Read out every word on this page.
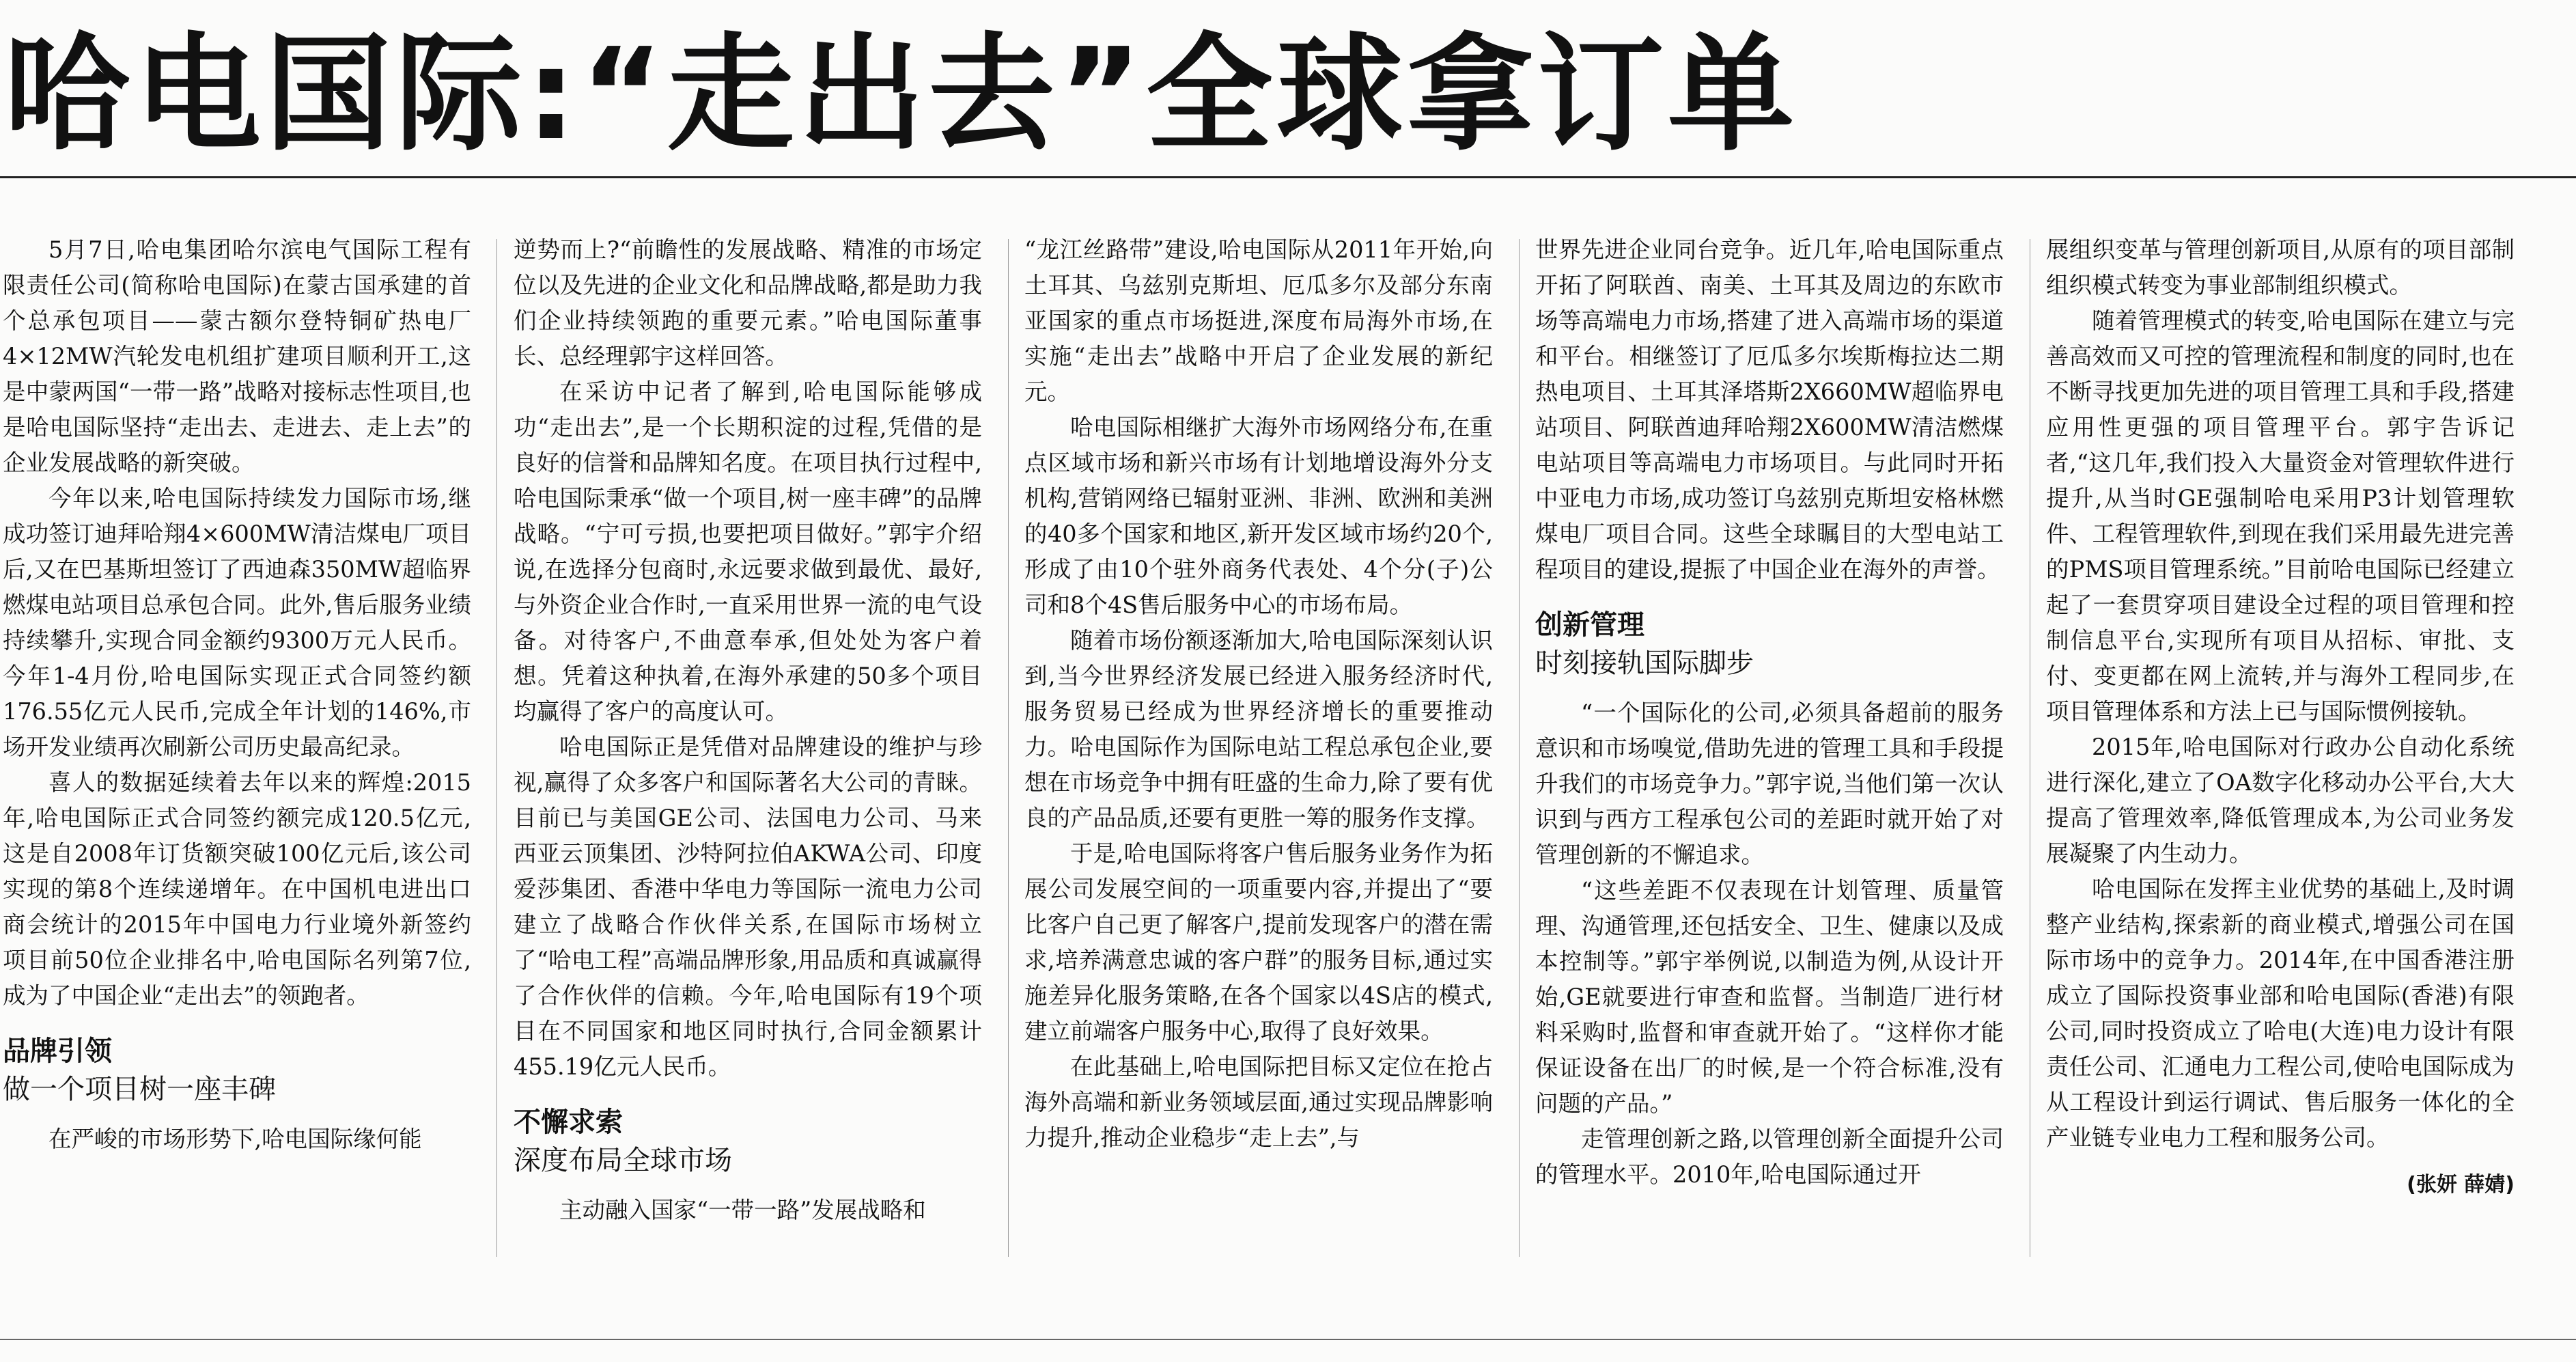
哈电国际:“走出去”全球拿订单

5月7日,哈电集团哈尔滨电气国际工程有限责任公司(简称哈电国际)在蒙古国承建的首个总承包项目——蒙古额尔登特铜矿热电厂4×12MW汽轮发电机组扩建项目顺利开工,这是中蒙两国“一带一路”战略对接标志性项目,也是哈电国际坚持“走出去、走进去、走上去”的企业发展战略的新突破。

今年以来,哈电国际持续发力国际市场,继成功签订迪拜哈翔4×600MW清洁煤电厂项目后,又在巴基斯坦签订了西迪森350MW超临界燃煤电站项目总承包合同。此外,售后服务业绩持续攀升,实现合同金额约9300万元人民币。今年1-4月份,哈电国际实现正式合同签约额176.55亿元人民币,完成全年计划的146%,市场开发业绩再次刷新公司历史最高纪录。

喜人的数据延续着去年以来的辉煌:2015年,哈电国际正式合同签约额完成120.5亿元,这是自2008年订货额突破100亿元后,该公司实现的第8个连续递增年。在中国机电进出口商会统计的2015年中国电力行业境外新签约项目前50位企业排名中,哈电国际名列第7位,成为了中国企业“走出去”的领跑者。

品牌引领
做一个项目树一座丰碑

在严峻的市场形势下,哈电国际缘何能

逆势而上?“前瞻性的发展战略、精准的市场定位以及先进的企业文化和品牌战略,都是助力我们企业持续领跑的重要元素。”哈电国际董事长、总经理郭宇这样回答。

在采访中记者了解到,哈电国际能够成功“走出去”,是一个长期积淀的过程,凭借的是良好的信誉和品牌知名度。在项目执行过程中,哈电国际秉承“做一个项目,树一座丰碑”的品牌战略。“宁可亏损,也要把项目做好。”郭宇介绍说,在选择分包商时,永远要求做到最优、最好,与外资企业合作时,一直采用世界一流的电气设备。对待客户,不曲意奉承,但处处为客户着想。凭着这种执着,在海外承建的50多个项目均赢得了客户的高度认可。

哈电国际正是凭借对品牌建设的维护与珍视,赢得了众多客户和国际著名大公司的青睐。目前已与美国GE公司、法国电力公司、马来西亚云顶集团、沙特阿拉伯AKWA公司、印度爱莎集团、香港中华电力等国际一流电力公司建立了战略合作伙伴关系,在国际市场树立了“哈电工程”高端品牌形象,用品质和真诚赢得了合作伙伴的信赖。今年,哈电国际有19个项目在不同国家和地区同时执行,合同金额累计455.19亿元人民币。

不懈求索
深度布局全球市场

主动融入国家“一带一路”发展战略和

“龙江丝路带”建设,哈电国际从2011年开始,向土耳其、乌兹别克斯坦、厄瓜多尔及部分东南亚国家的重点市场挺进,深度布局海外市场,在实施“走出去”战略中开启了企业发展的新纪元。

哈电国际相继扩大海外市场网络分布,在重点区域市场和新兴市场有计划地增设海外分支机构,营销网络已辐射亚洲、非洲、欧洲和美洲的40多个国家和地区,新开发区域市场约20个,形成了由10个驻外商务代表处、4个分(子)公司和8个4S售后服务中心的市场布局。

随着市场份额逐渐加大,哈电国际深刻认识到,当今世界经济发展已经进入服务经济时代,服务贸易已经成为世界经济增长的重要推动力。哈电国际作为国际电站工程总承包企业,要想在市场竞争中拥有旺盛的生命力,除了要有优良的产品品质,还要有更胜一筹的服务作支撑。

于是,哈电国际将客户售后服务业务作为拓展公司发展空间的一项重要内容,并提出了“要比客户自己更了解客户,提前发现客户的潜在需求,培养满意忠诚的客户群”的服务目标,通过实施差异化服务策略,在各个国家以4S店的模式,建立前端客户服务中心,取得了良好效果。

在此基础上,哈电国际把目标又定位在抢占海外高端和新业务领域层面,通过实现品牌影响力提升,推动企业稳步“走上去”,与

世界先进企业同台竞争。近几年,哈电国际重点开拓了阿联酋、南美、土耳其及周边的东欧市场等高端电力市场,搭建了进入高端市场的渠道和平台。相继签订了厄瓜多尔埃斯梅拉达二期热电项目、土耳其泽塔斯2X660MW超临界电站项目、阿联酋迪拜哈翔2X600MW清洁燃煤电站项目等高端电力市场项目。与此同时开拓中亚电力市场,成功签订乌兹别克斯坦安格林燃煤电厂项目合同。这些全球瞩目的大型电站工程项目的建设,提振了中国企业在海外的声誉。

创新管理
时刻接轨国际脚步

“一个国际化的公司,必须具备超前的服务意识和市场嗅觉,借助先进的管理工具和手段提升我们的市场竞争力。”郭宇说,当他们第一次认识到与西方工程承包公司的差距时就开始了对管理创新的不懈追求。

“这些差距不仅表现在计划管理、质量管理、沟通管理,还包括安全、卫生、健康以及成本控制等。”郭宇举例说,以制造为例,从设计开始,GE就要进行审查和监督。当制造厂进行材料采购时,监督和审查就开始了。“这样你才能保证设备在出厂的时候,是一个符合标准,没有问题的产品。”

走管理创新之路,以管理创新全面提升公司的管理水平。2010年,哈电国际通过开

展组织变革与管理创新项目,从原有的项目部制组织模式转变为事业部制组织模式。

随着管理模式的转变,哈电国际在建立与完善高效而又可控的管理流程和制度的同时,也在不断寻找更加先进的项目管理工具和手段,搭建应用性更强的项目管理平台。郭宇告诉记者,“这几年,我们投入大量资金对管理软件进行提升,从当时GE强制哈电采用P3计划管理软件、工程管理软件,到现在我们采用最先进完善的PMS项目管理系统。”目前哈电国际已经建立起了一套贯穿项目建设全过程的项目管理和控制信息平台,实现所有项目从招标、审批、支付、变更都在网上流转,并与海外工程同步,在项目管理体系和方法上已与国际惯例接轨。

2015年,哈电国际对行政办公自动化系统进行深化,建立了OA数字化移动办公平台,大大提高了管理效率,降低管理成本,为公司业务发展凝聚了内生动力。

哈电国际在发挥主业优势的基础上,及时调整产业结构,探索新的商业模式,增强公司在国际市场中的竞争力。2014年,在中国香港注册成立了国际投资事业部和哈电国际(香港)有限公司,同时投资成立了哈电(大连)电力设计有限责任公司、汇通电力工程公司,使哈电国际成为从工程设计到运行调试、售后服务一体化的全产业链专业电力工程和服务公司。

(张妍 薛婧)
